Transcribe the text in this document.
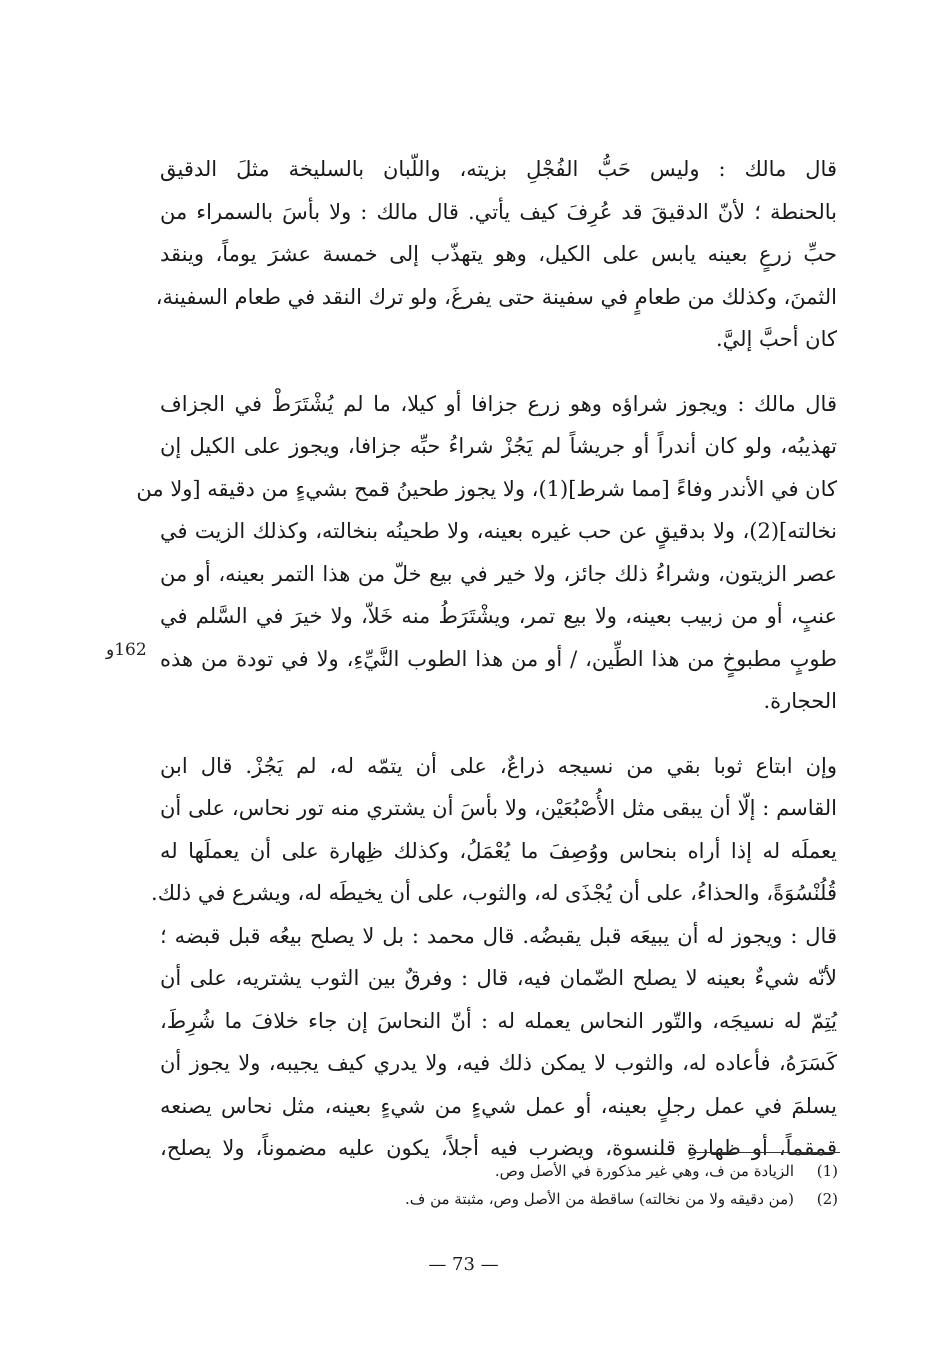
قال مالك : وليس حَبُّ الفُجْلِ بزيته، واللّبان بالسليخة مثلَ الدقيق
بالحنطة ؛ لأنّ الدقيقَ قد عُرِفَ كيف يأتي. قال مالك : ولا بأسَ بالسمراء من
حبِّ زرعٍ بعينه يابس على الكيل، وهو يتهذّب إلى خمسة عشرَ يوماً، وينقد
الثمنَ، وكذلك من طعامٍ في سفينة حتى يفرغَ، ولو ترك النقد في طعام السفينة،
كان أحبَّ إليَّ.
قال مالك : ويجوز شراؤه وهو زرع جزافا أو كيلا، ما لم يُشْتَرَطْ في الجزاف
تهذيبُه، ولو كان أندراً أو جريشاً لم يَجُزْ شراءُ حبِّه جزافا، ويجوز على الكيل إن
كان في الأندر وفاءً [مما شرط](1)، ولا يجوز طحينُ قمح بشيءٍ من دقيقه [ولا من
نخالته](2)، ولا بدقيقٍ عن حب غيره بعينه، ولا طحينُه بنخالته، وكذلك الزيت في
عصر الزيتون، وشراءُ ذلك جائز، ولا خير في بيع خلّ من هذا التمر بعينه، أو من
عنبٍ، أو من زبيب بعينه، ولا بيع تمر، ويشْتَرَطُ منه خَلاّ، ولا خيرَ في السَّلم في
طوبٍ مطبوخٍ من هذا الطِّين، / أو من هذا الطوب النَّيِّءِ، ولا في تودة من هذه
الحجارة.
وإن ابتاع ثوبا بقي من نسيجه ذراعٌ، على أن يتمّه له، لم يَجُزْ. قال ابن
القاسم : إلّا أن يبقى مثل الأُصْبُعَيْن، ولا بأسَ أن يشتري منه تور نحاس، على أن
يعملَه له إذا أراه بنحاس ووُصِفَ ما يُعْمَلُ، وكذلك ظِهارة على أن يعملَها له
قُلُنْسُوَةً، والحذاءُ، على أن يُجْذَى له، والثوب، على أن يخيطَه له، ويشرع في ذلك.
قال : ويجوز له أن يبيعَه قبل يقبضُه. قال محمد : بل لا يصلح بيعُه قبل قبضه ؛
لأنّه شيءٌ بعينه لا يصلح الضّمان فيه، قال : وفرقٌ بين الثوب يشتريه، على أن
يُتِمّ له نسيجَه، والتّور النحاس يعمله له : أنّ النحاسَ إن جاء خلافَ ما شُرِطَ،
كَسَرَهُ، فأعاده له، والثوب لا يمكن ذلك فيه، ولا يدري كيف يجيبه، ولا يجوز أن
يسلمَ في عمل رجلٍ بعينه، أو عمل شيءٍ من شيءٍ بعينه، مثل نحاس يصنعه
قمقماً، أو ظهارةِ قلنسوة، ويضرب فيه أجلاً، يكون عليه مضموناً، ولا يصلح،
162و
(1)الزيادة من ف، وهي غير مذكورة في الأصل وص.
(2)(من دقيقه ولا من نخالته) ساقطة من الأصل وص، مثبتة من ف.
— 73 —
